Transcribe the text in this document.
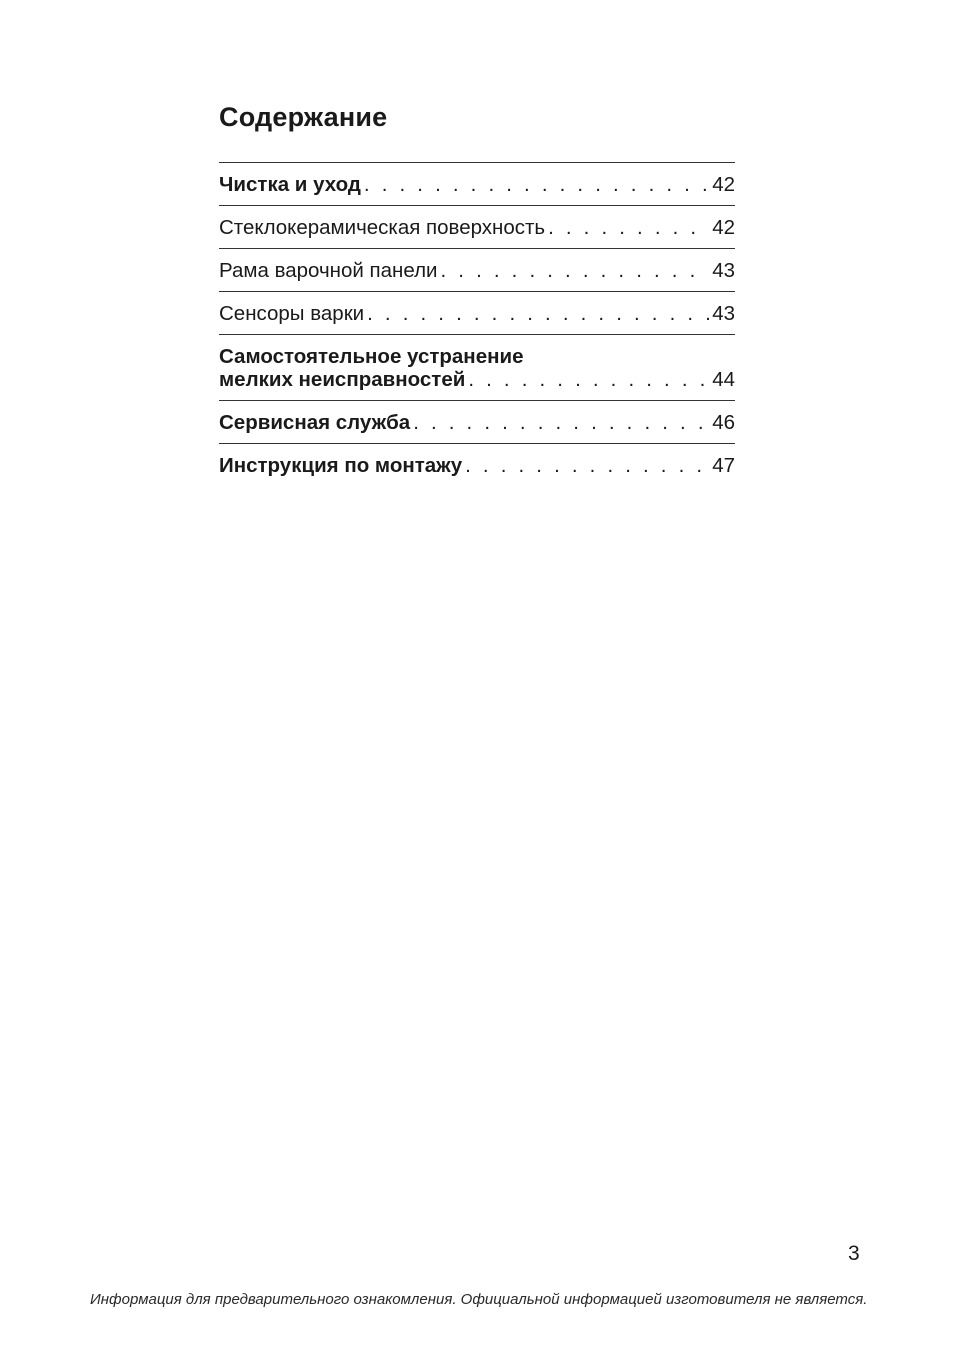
Содержание
Чистка и уход . . .	42
Стеклокерамическая поверхность . . .	42
Рама варочной панели . . .	43
Сенсоры варки . . .	43
Самостоятельное устранение
мелких неисправностей . . .	44
Сервисная служба . . .	46
Инструкция по монтажу . . .	47
3
Информация для предварительного ознакомления. Официальной информацией изготовителя не является.
